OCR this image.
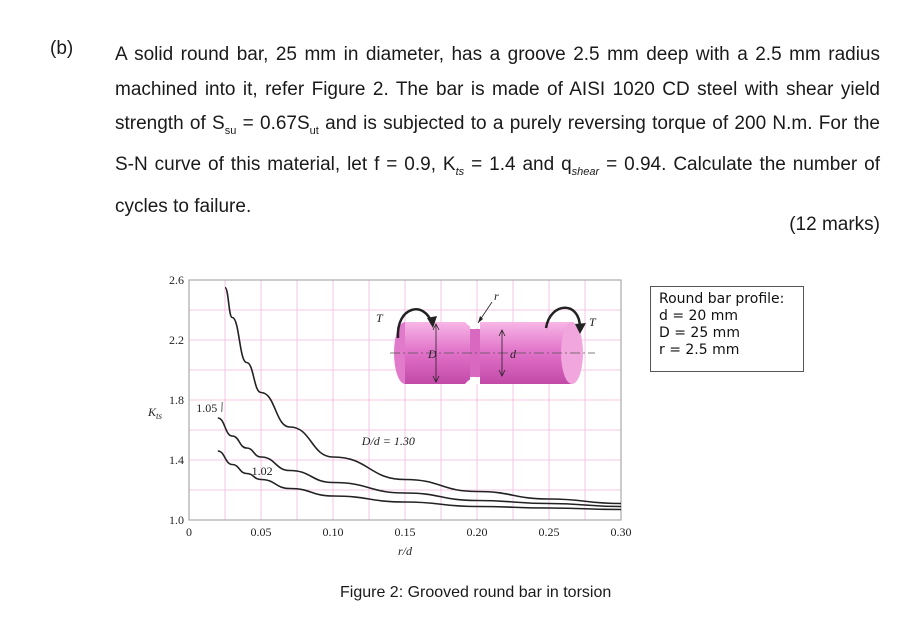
(b) A solid round bar, 25 mm in diameter, has a groove 2.5 mm deep with a 2.5 mm radius machined into it, refer Figure 2. The bar is made of AISI 1020 CD steel with shear yield strength of $S_{su} = 0.67S_{ut}$ and is subjected to a purely reversing torque of 200 N.m. For the S-N curve of this material, let f = 0.9, $K_{ts} = 1.4$ and $q_{shear} = 0.94$. Calculate the number of cycles to failure.
(12 marks)
D	d
r
T	T
0	0.05	0.10	0.15	0.20	0.25	0.30
1.0
1.4
1.8
2.2
2.6
1.05
1.02
D/d = 1.30
r/d
$K_{ts}$
Round bar profile:
d = 20 mm
D = 25 mm
r = 2.5 mm
Figure 2: Grooved round bar in torsion
